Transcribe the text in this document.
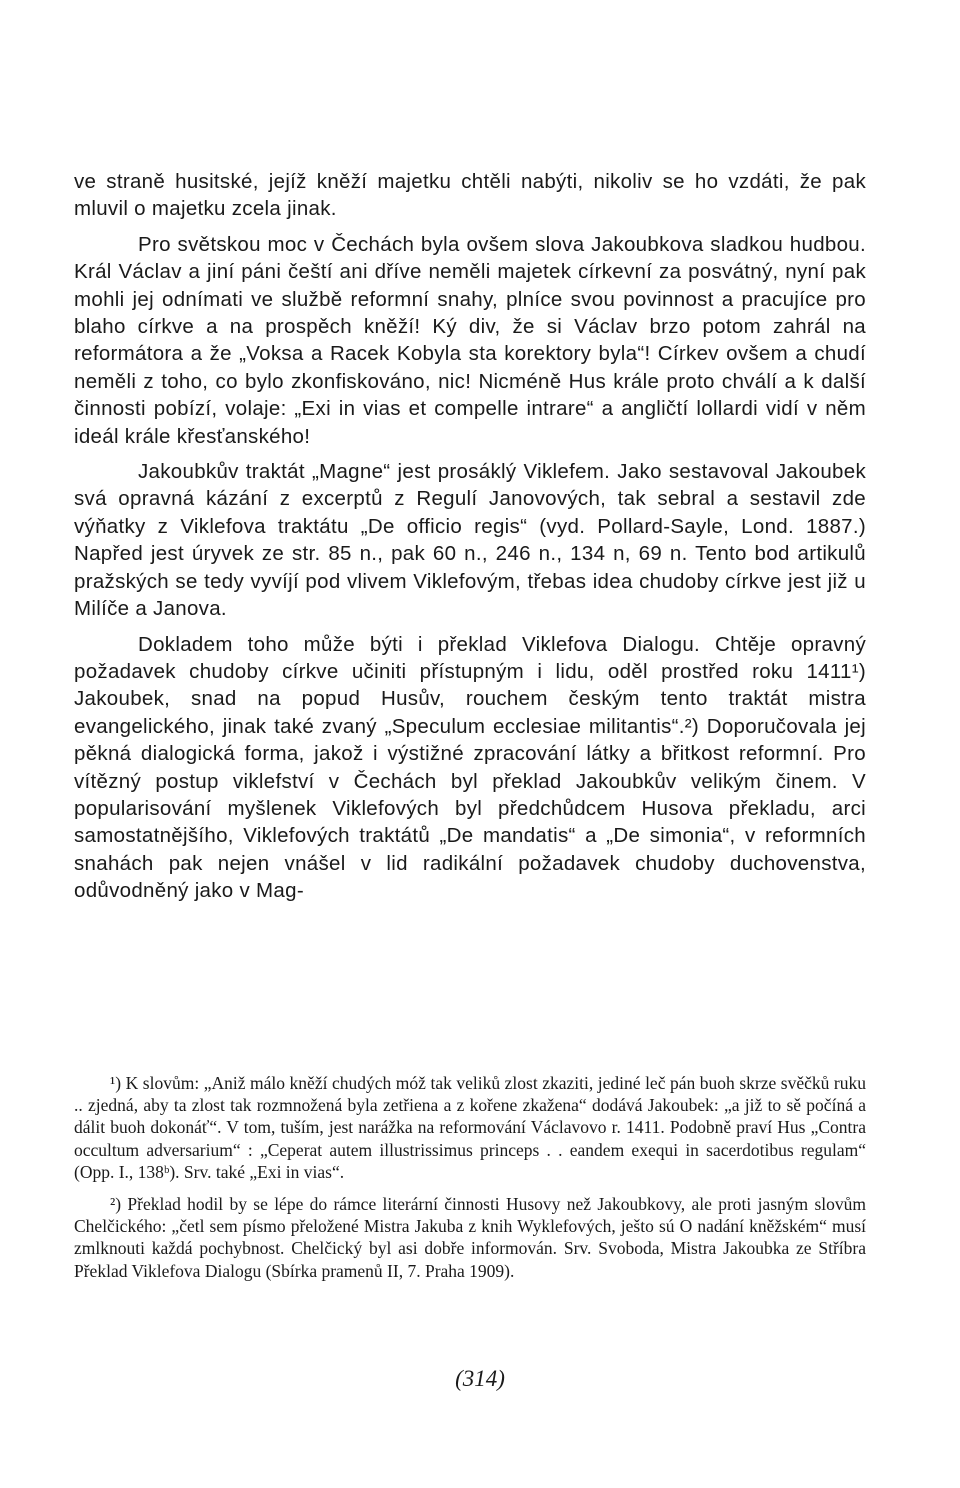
ve straně husitské, jejíž kněží majetku chtěli nabýti, nikoliv se ho vzdáti, že pak mluvil o majetku zcela jinak.

Pro světskou moc v Čechách byla ovšem slova Jakoubkova sladkou hudbou. Král Václav a jiní páni čeští ani dříve neměli majetek církevní za posvátný, nyní pak mohli jej odnímati ve službě reformní snahy, plníce svou povinnost a pracujíce pro blaho církve a na prospěch kněží! Ký div, že si Václav brzo potom zahrál na reformátora a že „Voksa a Racek Kobyla sta korektory byla“! Církev ovšem a chudí neměli z toho, co bylo zkonfiskováno, nic! Nicméně Hus krále proto chválí a k další činnosti pobízí, volaje: „Exi in vias et compelle intrare“ a angličtí lollardi vidí v něm ideál krále křesťanského!

Jakoubkův traktát „Magne“ jest prosáklý Viklefem. Jako sestavoval Jakoubek svá opravná kázání z excerptů z Regulí Janovových, tak sebral a sestavil zde výňatky z Viklefova traktátu „De officio regis“ (vyd. Pollard-Sayle, Lond. 1887.) Napřed jest úryvek ze str. 85 n., pak 60 n., 246 n., 134 n, 69 n. Tento bod artikulů pražských se tedy vyvíjí pod vlivem Viklefovým, třebas idea chudoby církve jest již u Milíče a Janova.

Dokladem toho může býti i překlad Viklefova Dialogu. Chtěje opravný požadavek chudoby církve učiniti přístupným i lidu, oděl prostřed roku 1411¹) Jakoubek, snad na popud Husův, rouchem českým tento traktát mistra evangelického, jinak také zvaný „Speculum ecclesiae militantis“.²) Doporučovala jej pěkná dialogická forma, jakož i výstižné zpracování látky a břitkost reformní. Pro vítězný postup viklefství v Čechách byl překlad Jakoubkův velikým činem. V popularisování myšlenek Viklefových byl předchůdcem Husova překladu, arci samostatnějšího, Viklefových traktátů „De mandatis“ a „De simonia“, v reformních snahách pak nejen vnášel v lid radikální požadavek chudoby duchovenstva, odůvodněný jako v Mag-

¹) K slovům: „Aniž málo kněží chudých móž tak veliků zlost zkaziti, jediné leč pán buoh skrze svěčků ruku .. zjedná, aby ta zlost tak rozmnožená byla zetřiena a z kořene zkažena“ dodává Jakoubek: „a již to sě počíná a dálit buoh dokonáť“. V tom, tuším, jest narážka na reformování Václavovo r. 1411. Podobně praví Hus „Contra occultum adversarium“ : „Ceperat autem illustrissimus princeps . . eandem exequi in sacerdotibus regulam“ (Opp. I., 138ᵇ). Srv. také „Exi in vias“.

²) Překlad hodil by se lépe do rámce literární činnosti Husovy než Jakoubkovy, ale proti jasným slovům Chelčického: „četl sem písmo přeložené Mistra Jakuba z knih Wyklefových, ješto sú O nadání kněžském“ musí zmlknouti každá pochybnost. Chelčický byl asi dobře informován. Srv. Svoboda, Mistra Jakoubka ze Stříbra Překlad Viklefova Dialogu (Sbírka pramenů II, 7. Praha 1909).

(314)
